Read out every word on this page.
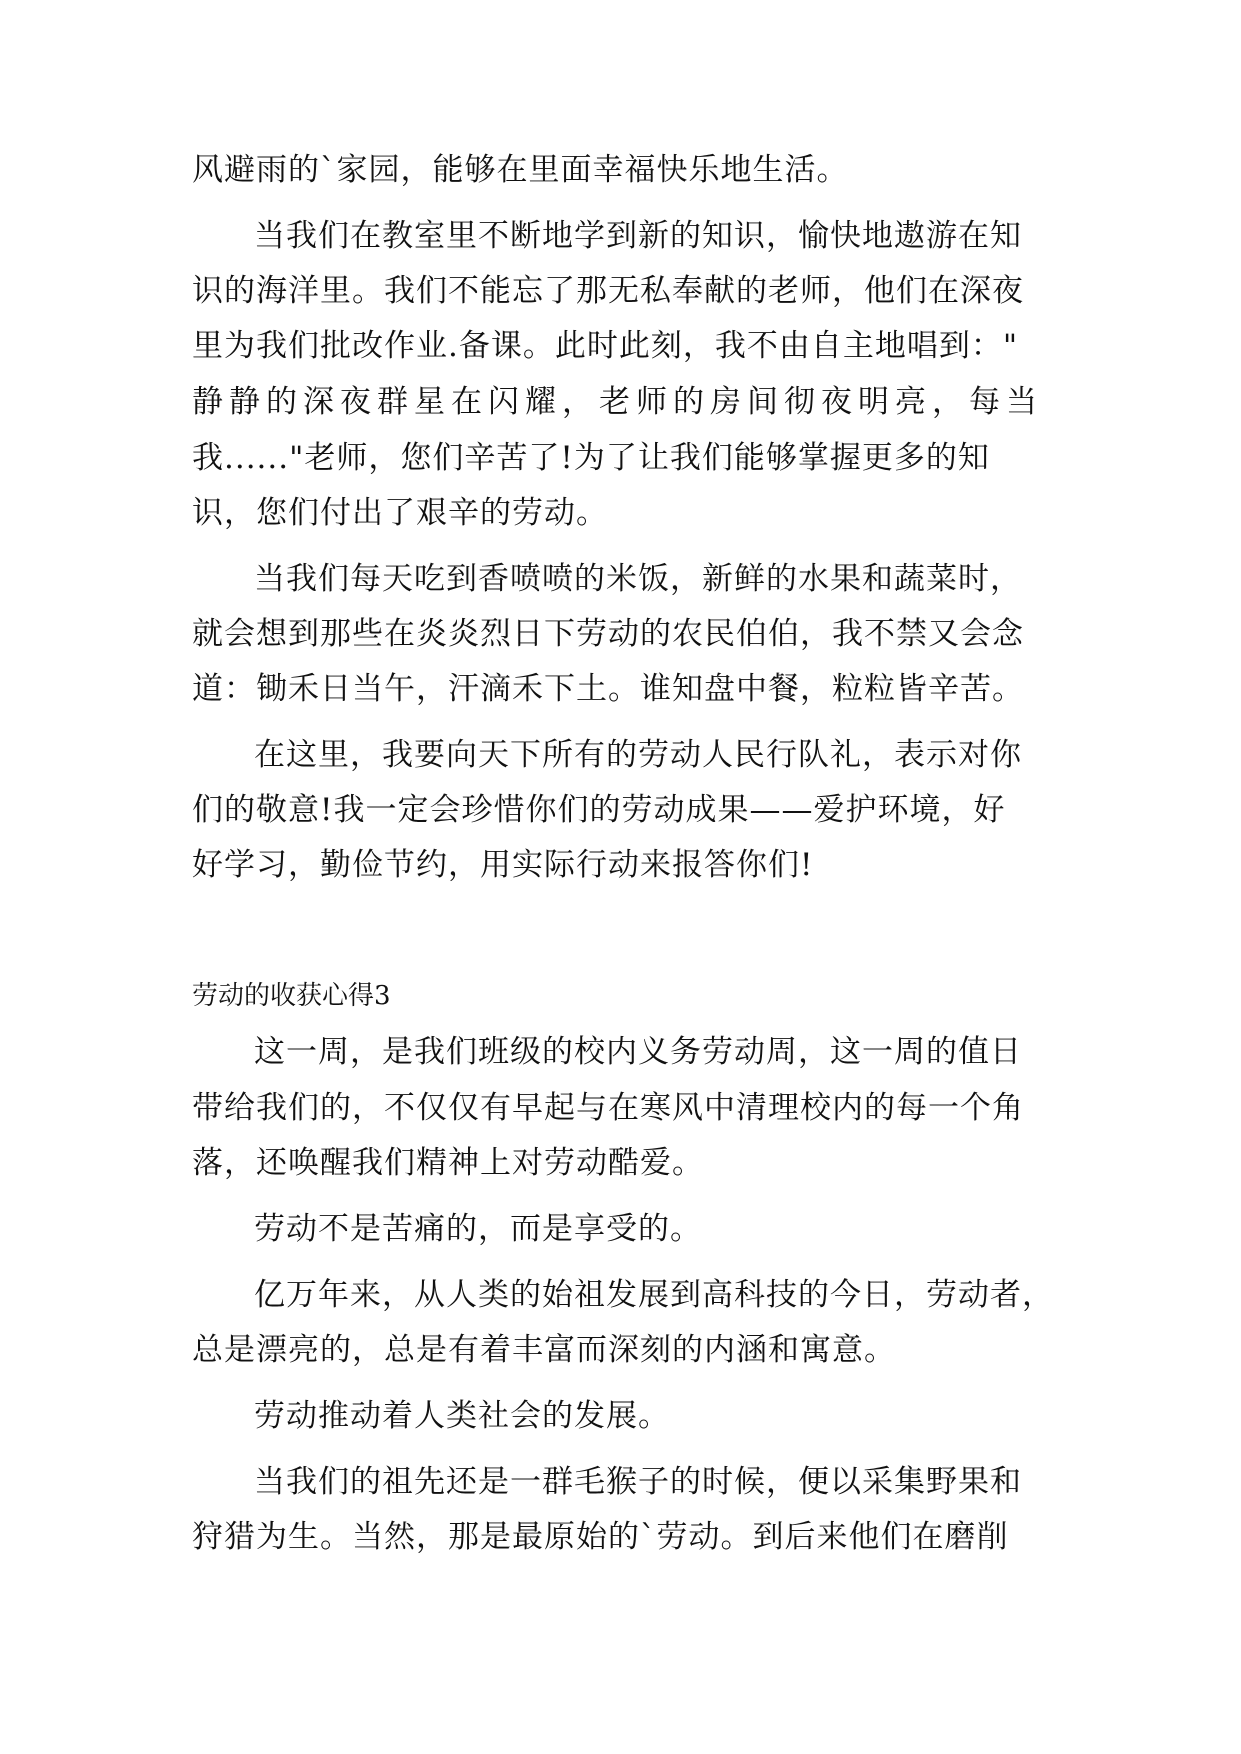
风避雨的`家园，能够在里面幸福快乐地生活。
当我们在教室里不断地学到新的知识，愉快地遨游在知
识的海洋里。我们不能忘了那无私奉献的老师，他们在深夜
里为我们批改作业.备课。此时此刻，我不由自主地唱到："
静静的深夜群星在闪耀，老师的房间彻夜明亮，每当
我......"老师，您们辛苦了!为了让我们能够掌握更多的知
识，您们付出了艰辛的劳动。
当我们每天吃到香喷喷的米饭，新鲜的水果和蔬菜时，
就会想到那些在炎炎烈日下劳动的农民伯伯，我不禁又会念
道：锄禾日当午，汗滴禾下土。谁知盘中餐，粒粒皆辛苦。
在这里，我要向天下所有的劳动人民行队礼，表示对你
们的敬意!我一定会珍惜你们的劳动成果——爱护环境，好
好学习，勤俭节约，用实际行动来报答你们!
劳动的收获心得3
这一周，是我们班级的校内义务劳动周，这一周的值日
带给我们的，不仅仅有早起与在寒风中清理校内的每一个角
落，还唤醒我们精神上对劳动酷爱。
劳动不是苦痛的，而是享受的。
亿万年来，从人类的始祖发展到高科技的今日，劳动者，
总是漂亮的，总是有着丰富而深刻的内涵和寓意。
劳动推动着人类社会的发展。
当我们的祖先还是一群毛猴子的时候，便以采集野果和
狩猎为生。当然，那是最原始的`劳动。到后来他们在磨削
